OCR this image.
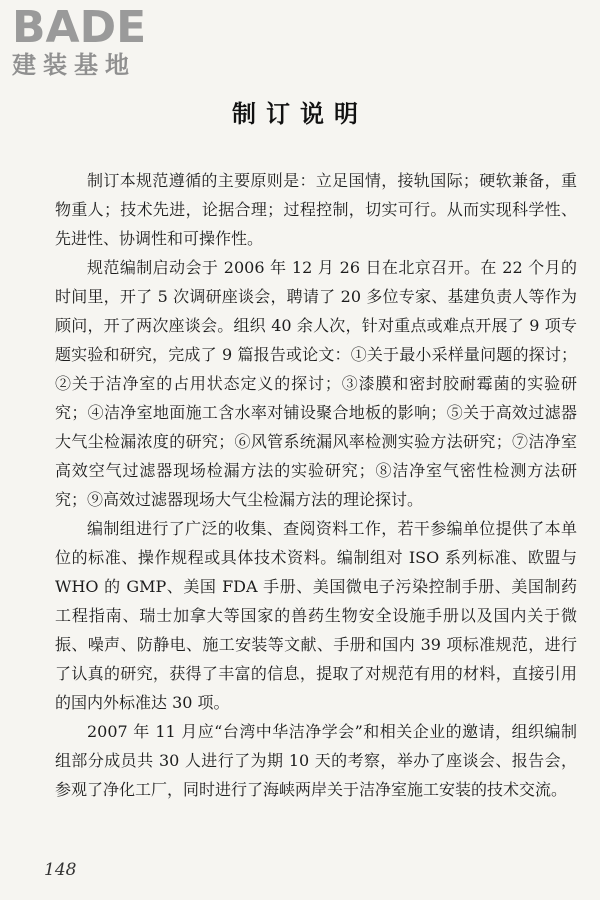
BADE
建装基地
制订说明

制订本规范遵循的主要原则是：立足国情，接轨国际；硬软兼备，重物重人；技术先进，论据合理；过程控制，切实可行。从而实现科学性、先进性、协调性和可操作性。

规范编制启动会于 2006 年 12 月 26 日在北京召开。在 22 个月的时间里，开了 5 次调研座谈会，聘请了 20 多位专家、基建负责人等作为顾问，开了两次座谈会。组织 40 余人次，针对重点或难点开展了 9 项专题实验和研究，完成了 9 篇报告或论文：①关于最小采样量问题的探讨；②关于洁净室的占用状态定义的探讨；③漆膜和密封胶耐霉菌的实验研究；④洁净室地面施工含水率对铺设聚合地板的影响；⑤关于高效过滤器大气尘检漏浓度的研究；⑥风管系统漏风率检测实验方法研究；⑦洁净室高效空气过滤器现场检漏方法的实验研究；⑧洁净室气密性检测方法研究；⑨高效过滤器现场大气尘检漏方法的理论探讨。

编制组进行了广泛的收集、查阅资料工作，若干参编单位提供了本单位的标准、操作规程或具体技术资料。编制组对 ISO 系列标准、欧盟与 WHO 的 GMP、美国 FDA 手册、美国微电子污染控制手册、美国制药工程指南、瑞士加拿大等国家的兽药生物安全设施手册以及国内关于微振、噪声、防静电、施工安装等文献、手册和国内 39 项标准规范，进行了认真的研究，获得了丰富的信息，提取了对规范有用的材料，直接引用的国内外标准达 30 项。

2007 年 11 月应“台湾中华洁净学会”和相关企业的邀请，组织编制组部分成员共 30 人进行了为期 10 天的考察，举办了座谈会、报告会，参观了净化工厂，同时进行了海峡两岸关于洁净室施工安装的技术交流。

148
